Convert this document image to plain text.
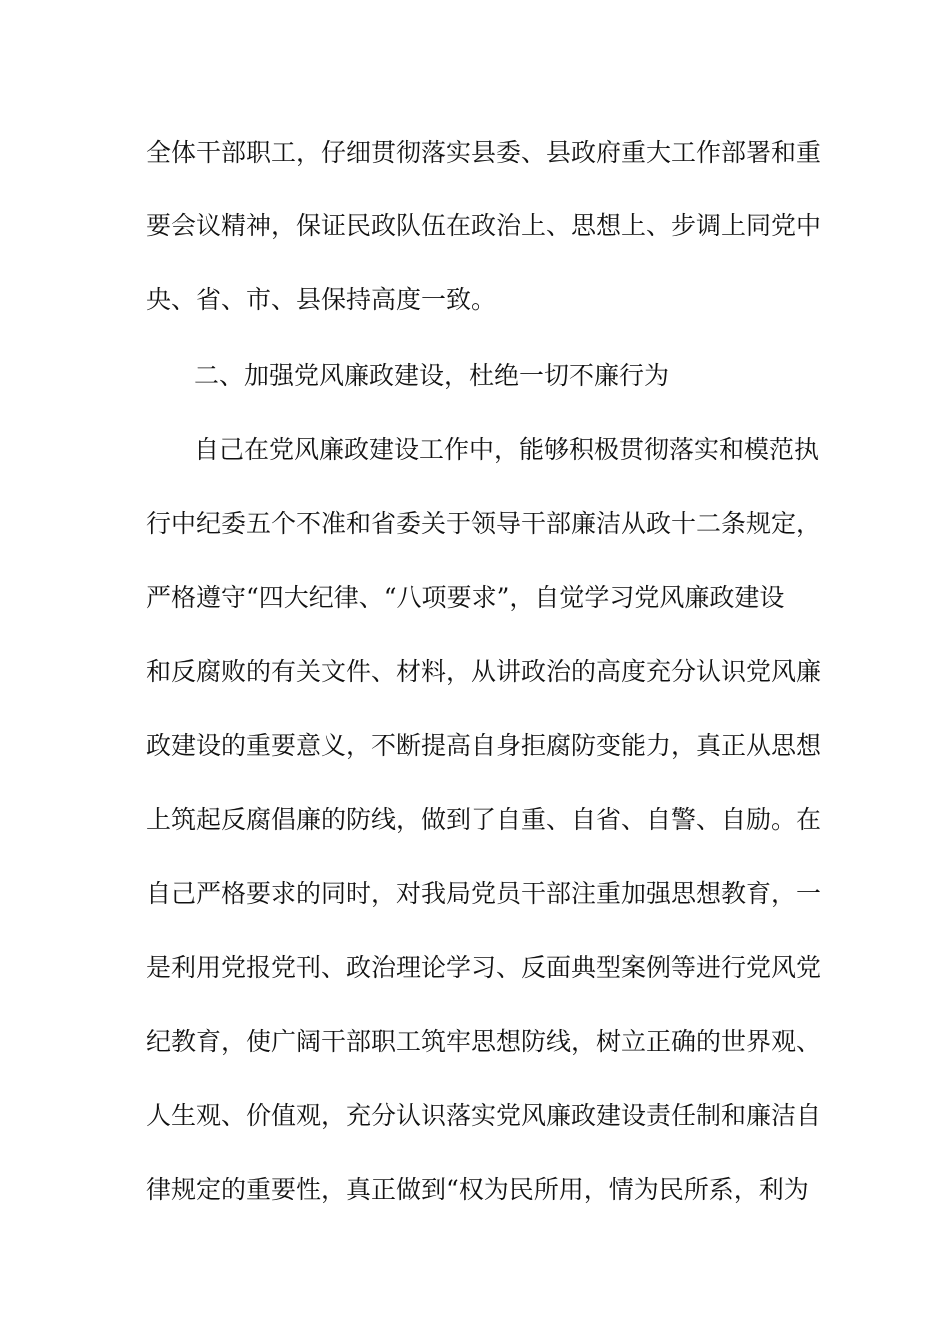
全体干部职工，仔细贯彻落实县委、县政府重大工作部署和重
要会议精神，保证民政队伍在政治上、思想上、步调上同党中
央、省、市、县保持高度一致。
二、加强党风廉政建设，杜绝一切不廉行为
自己在党风廉政建设工作中，能够积极贯彻落实和模范执
行中纪委五个不准和省委关于领导干部廉洁从政十二条规定，
严格遵守“四大纪律、“八项要求”，自觉学习党风廉政建设
和反腐败的有关文件、材料，从讲政治的高度充分认识党风廉
政建设的重要意义，不断提高自身拒腐防变能力，真正从思想
上筑起反腐倡廉的防线，做到了自重、自省、自警、自励。在
自己严格要求的同时，对我局党员干部注重加强思想教育，一
是利用党报党刊、政治理论学习、反面典型案例等进行党风党
纪教育，使广阔干部职工筑牢思想防线，树立正确的世界观、
人生观、价值观，充分认识落实党风廉政建设责任制和廉洁自
律规定的重要性，真正做到“权为民所用，情为民所系，利为
